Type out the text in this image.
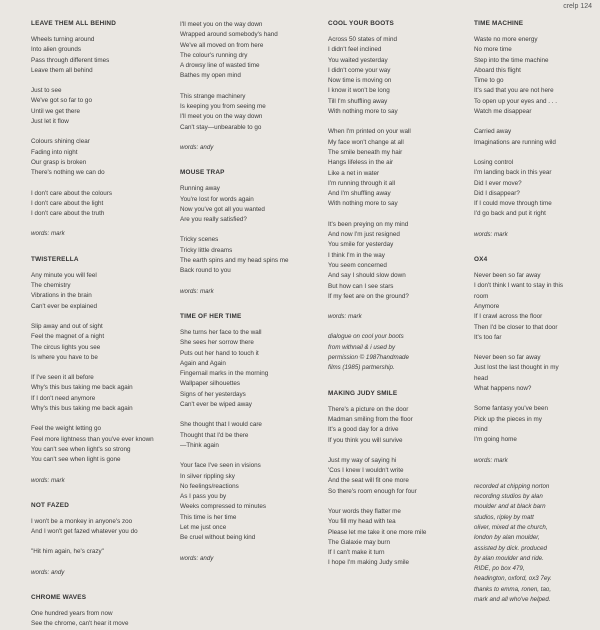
crelp 124
LEAVE THEM ALL BEHIND
Wheels turning around
Into alien grounds
Pass through different times
Leave them all behind
Just to see
We've got so far to go
Until we get there
Just let it flow
Colours shining clear
Fading into night
Our grasp is broken
There's nothing we can do
I don't care about the colours
I don't care about the light
I don't care about the truth
words: mark
TWISTERELLA
Any minute you will feel
The chemistry
Vibrations in the brain
Can't ever be explained
Slip away and out of sight
Feel the magnet of a night
The circus lights you see
Is where you have to be
If I've seen it all before
Why's this bus taking me back again
If I don't need anymore
Why's this bus taking me back again
Feel the weight letting go
Feel more lightness than you've ever known
You can't see when light's so strong
You can't see when light is gone
words: mark
NOT FAZED
I won't be a monkey in anyone's zoo
And I won't get fazed whatever you do
"Hit him again, he's crazy"
words: andy
CHROME WAVES
One hundred years from now
See the chrome, can't hear it move
I'll meet you on the way down
Wrapped around somebody's hand
We've all moved on from here
The colour's running dry
A drowsy line of wasted time
Bathes my open mind
This strange machinery
Is keeping you from seeing me
I'll meet you on the way down
Can't stay—unbearable to go
words: andy
MOUSE TRAP
Running away
You're lost for words again
Now you've got all you wanted
Are you really satisfied?
Tricky scenes
Tricky little dreams
The earth spins and my head spins me
Back round to you
words: mark
TIME OF HER TIME
She turns her face to the wall
She sees her sorrow there
Puts out her hand to touch it
Again and Again
Fingernail marks in the morning
Wallpaper silhouettes
Signs of her yesterdays
Can't ever be wiped away
She thought that I would care
Thought that I'd be there
—Think again
Your face I've seen in visions
In silver rippling sky
No feelings/reactions
As I pass you by
Weeks compressed to minutes
This time is her time
Let me just once
Be cruel without being kind
words: andy
COOL YOUR BOOTS
Across 50 states of mind
I didn't feel inclined
You waited yesterday
I didn't come your way
Now time is moving on
I know it won't be long
Till I'm shuffling away
With nothing more to say
When I'm printed on your wall
My face won't change at all
The smile beneath my hair
Hangs lifeless in the air
Like a net in water
I'm running through it all
And I'm shuffling away
With nothing more to say
It's been preying on my mind
And now I'm just resigned
You smile for yesterday
I think I'm in the way
You seem concerned
And say I should slow down
But how can I see stars
If my feet are on the ground?
words: mark
dialogue on cool your boots
from withnail & i used by
permission © 1987handmade
films (1985) partnership.
MAKING JUDY SMILE
There's a picture on the door
Madman smiling from the floor
It's a good day for a drive
If you think you will survive
Just my way of saying hi
'Cos I knew I wouldn't write
And the seat will fit one more
So there's room enough for four
Your words they flatter me
You fill my head with tea
Please let me take it one more mile
The Galaxie may burn
If I can't make it turn
I hope I'm making Judy smile
TIME MACHINE
Waste no more energy
No more time
Step into the time machine
Aboard this flight
Time to go
It's sad that you are not here
To open up your eyes and . . .
Watch me disappear
Carried away
Imaginations are running wild
Losing control
I'm landing back in this year
Did I ever move?
Did I disappear?
If I could move through time
I'd go back and put it right
words: mark
OX4
Never been so far away
I don't think I want to stay in this
room
Anymore
If I crawl across the floor
Then I'd be closer to that door
It's too far
Never been so far away
Just lost the last thought in my
head
What happens now?
Some fantasy you've been
Pick up the pieces in my
mind
I'm going home
words: mark
recorded at chipping norton
recording studios by alan
moulder and at black barn
studios, ripley by matt
oliver, mixed at the church,
london by alan moulder,
assisted by dick. produced
by alan moulder and ride.
RIDE, po box 479,
headington, oxford, ox3 7ey.
thanks to emma, ronen, tao,
mark and all who've helped.
